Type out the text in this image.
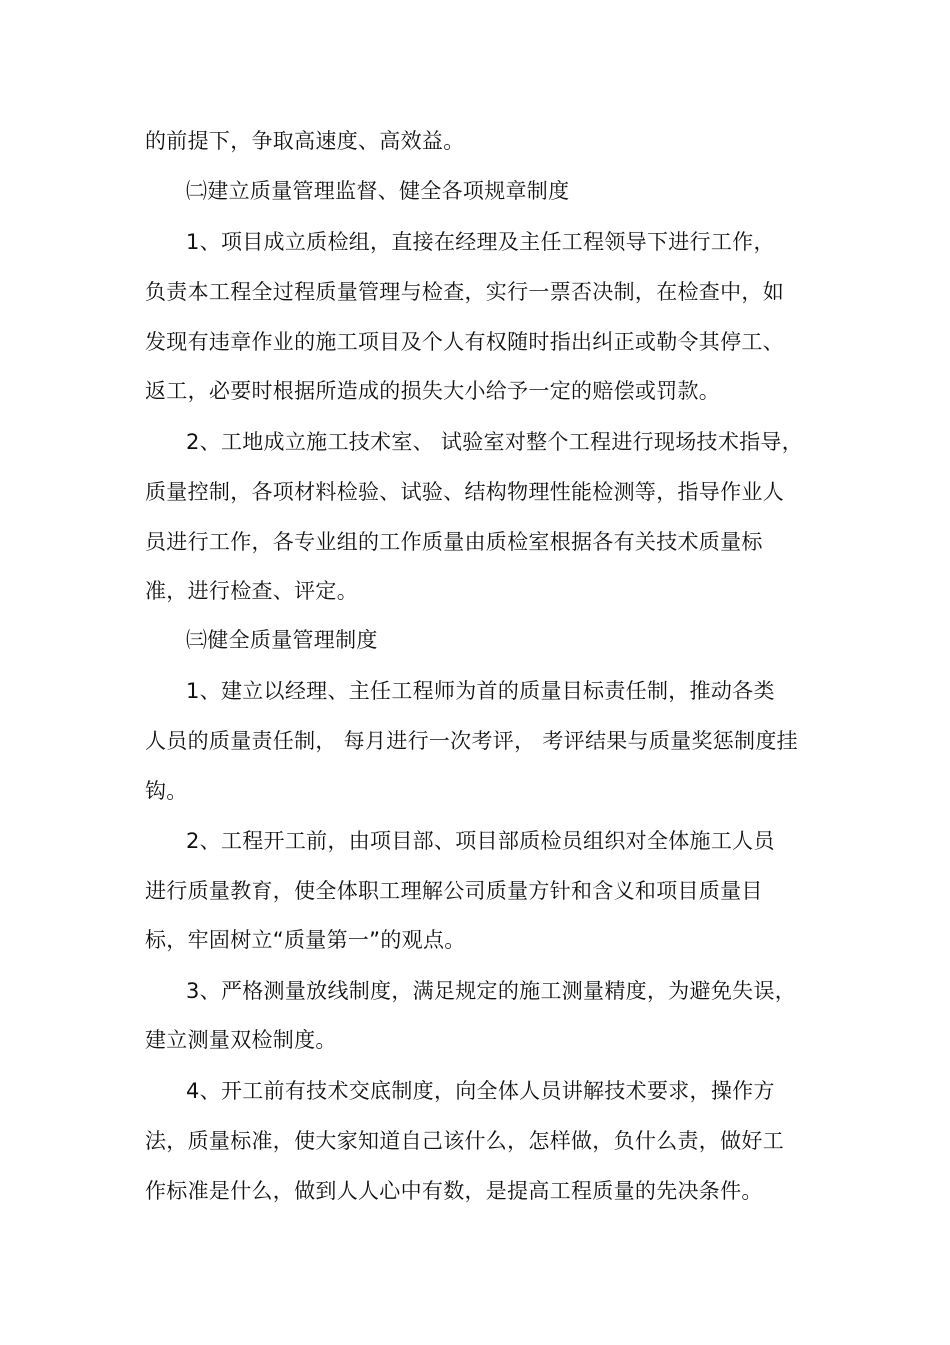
的前提下，争取高速度、高效益。
㈡建立质量管理监督、健全各项规章制度
1、项目成立质检组，直接在经理及主任工程领导下进行工作，
负责本工程全过程质量管理与检查，实行一票否决制，在检查中，如
发现有违章作业的施工项目及个人有权随时指出纠正或勒令其停工、
返工，必要时根据所造成的损失大小给予一定的赔偿或罚款。
2、工地成立施工技术室、 试验室对整个工程进行现场技术指导，
质量控制，各项材料检验、试验、结构物理性能检测等，指导作业人
员进行工作，各专业组的工作质量由质检室根据各有关技术质量标
准，进行检查、评定。
㈢健全质量管理制度
1、建立以经理、主任工程师为首的质量目标责任制，推动各类
人员的质量责任制， 每月进行一次考评， 考评结果与质量奖惩制度挂
钩。
2、工程开工前，由项目部、项目部质检员组织对全体施工人员
进行质量教育，使全体职工理解公司质量方针和含义和项目质量目
标，牢固树立“质量第一”的观点。
3、严格测量放线制度，满足规定的施工测量精度，为避免失误，
建立测量双检制度。
4、开工前有技术交底制度，向全体人员讲解技术要求，操作方
法，质量标准，使大家知道自己该什么，怎样做，负什么责，做好工
作标准是什么，做到人人心中有数，是提高工程质量的先决条件。
